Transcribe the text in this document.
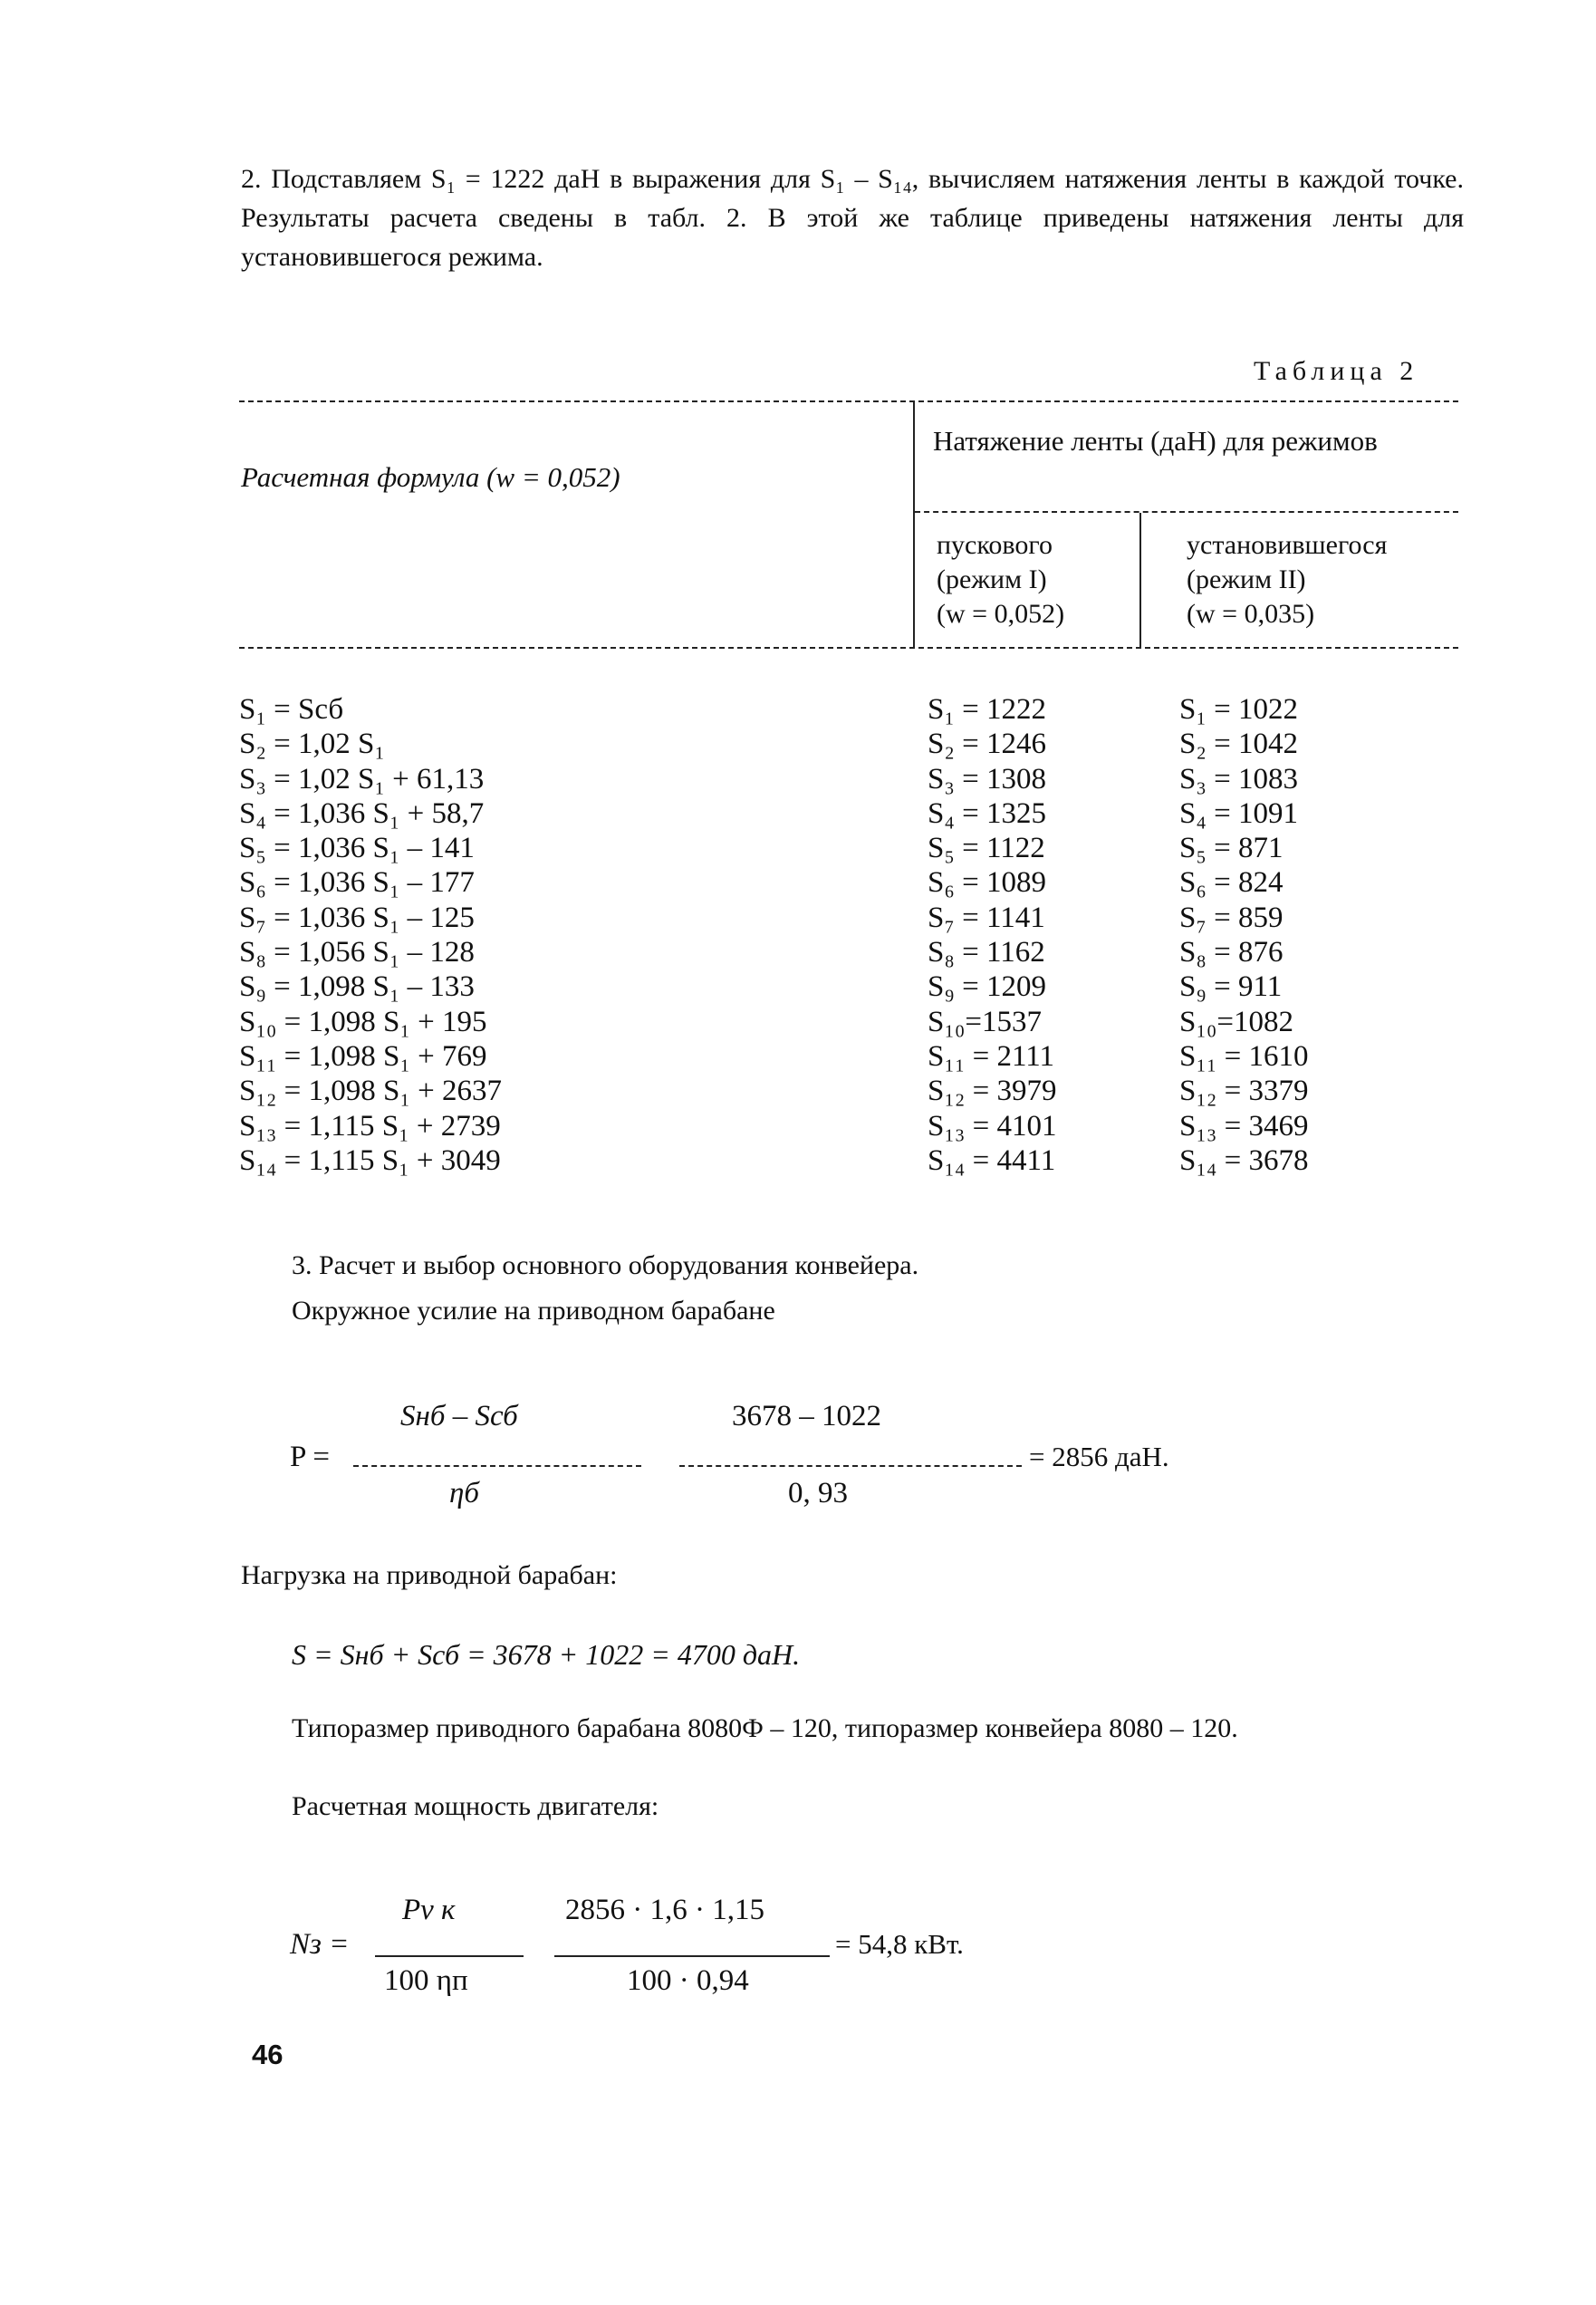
2. Подставляем S₁ = 1222 даН в выражения для S₁ – S₁₄, вычисляем натяжения ленты в каждой точке. Результаты расчета сведены в табл. 2. В этой же таблице приведены натяжения ленты для установившегося режима.
Таблица 2
Расчетная формула (w = 0,052)
Натяжение ленты (даН) для режимов
пускового
(режим I)
(w = 0,052)
установившегося
(режим II)
(w = 0,035)
S₁ = Sсб
S₂ = 1,02 S₁
S₃ = 1,02 S₁ + 61,13
S₄ = 1,036 S₁ + 58,7
S₅ = 1,036 S₁ – 141
S₆ = 1,036 S₁ – 177
S₇ = 1,036 S₁ – 125
S₈ = 1,056 S₁ – 128
S₉ = 1,098 S₁ – 133
S₁₀ = 1,098 S₁ + 195
S₁₁ = 1,098 S₁ + 769
S₁₂ = 1,098 S₁ + 2637
S₁₃ = 1,115 S₁ + 2739
S₁₄ = 1,115 S₁ + 3049
S₁ = 1222
S₂ = 1246
S₃ = 1308
S₄ = 1325
S₅ = 1122
S₆ = 1089
S₇ = 1141
S₈ = 1162
S₉ = 1209
S₁₀=1537
S₁₁ = 2111
S₁₂ = 3979
S₁₃ = 4101
S₁₄ = 4411
S₁ = 1022
S₂ = 1042
S₃ = 1083
S₄ = 1091
S₅ = 871
S₆ = 824
S₇ = 859
S₈ = 876
S₉ = 911
S₁₀=1082
S₁₁ = 1610
S₁₂ = 3379
S₁₃ = 3469
S₁₄ = 3678
3. Расчет и выбор основного оборудования конвейера.
Окружное усилие на приводном барабане
P =
Sнб – Sсб
ηб
3678 – 1022
0, 93
= 2856 даН.
Нагрузка на приводной барабан:
S = Sнб + Sсб = 3678 + 1022 = 4700 даН.
Типоразмер приводного барабана 8080Ф – 120, типоразмер конвейера 8080 – 120.
Расчетная мощность двигателя:
Nз =
Pv к
100 ηп
2856 · 1,6 · 1,15
100 · 0,94
= 54,8 кВт.
46
